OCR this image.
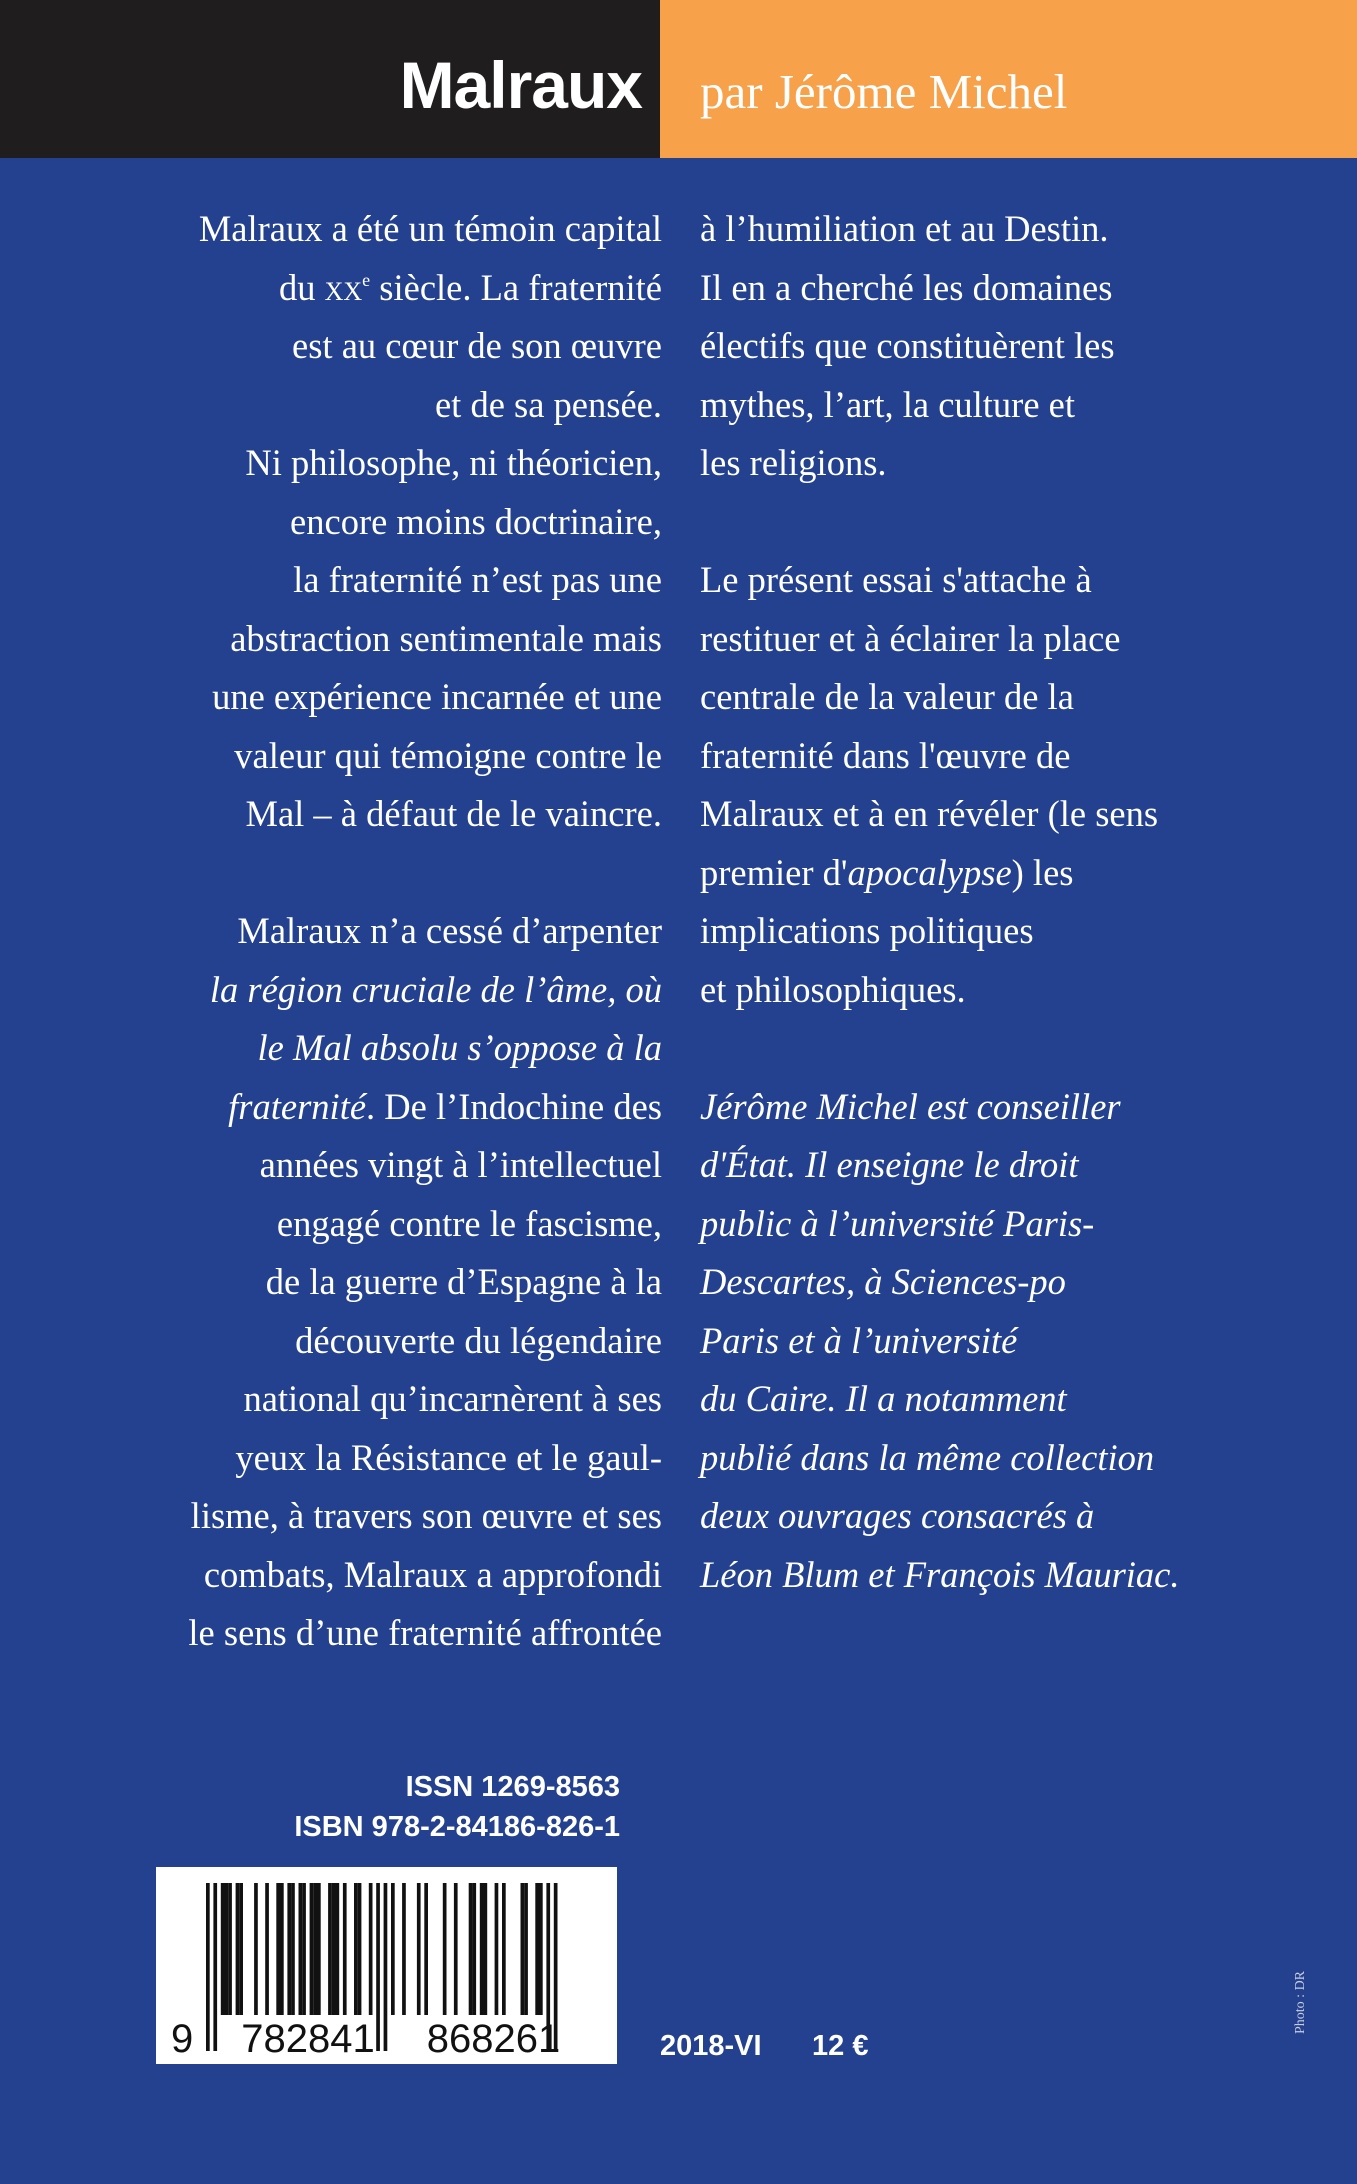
Malraux par Jérôme Michel

Malraux a été un témoin capital
du $xx^e$ siècle. La fraternité
est au cœur de son œuvre
et de sa pensée.
Ni philosophe, ni théoricien,
encore moins doctrinaire,
la fraternité n’est pas une
abstraction sentimentale mais
une expérience incarnée et une
valeur qui témoigne contre le
Mal – à défaut de le vaincre.

Malraux n’a cessé d’arpenter
la région cruciale de l’âme, où
le Mal absolu s’oppose à la
fraternité. De l’Indochine des
années vingt à l’intellectuel
engagé contre le fascisme,
de la guerre d’Espagne à la
découverte du légendaire
national qu’incarnèrent à ses
yeux la Résistance et le gaul-
lisme, à travers son œuvre et ses
combats, Malraux a approfondi
le sens d’une fraternité affrontée

à l’humiliation et au Destin.
Il en a cherché les domaines
électifs que constituèrent les
mythes, l’art, la culture et
les religions.

Le présent essai s'attache à
restituer et à éclairer la place
centrale de la valeur de la
fraternité dans l'œuvre de
Malraux et à en révéler (le sens
premier d'apocalypse) les
implications politiques
et philosophiques.

Jérôme Michel est conseiller
d'État. Il enseigne le droit
public à l’université Paris-
Descartes, à Sciences-po
Paris et à l’université
du Caire. Il a notamment
publié dans la même collection
deux ouvrages consacrés à
Léon Blum et François Mauriac.

ISSN 1269-8563
ISBN 978-2-84186-826-1
9	782841	868261	2018-VI 12 €
Photo : DR
